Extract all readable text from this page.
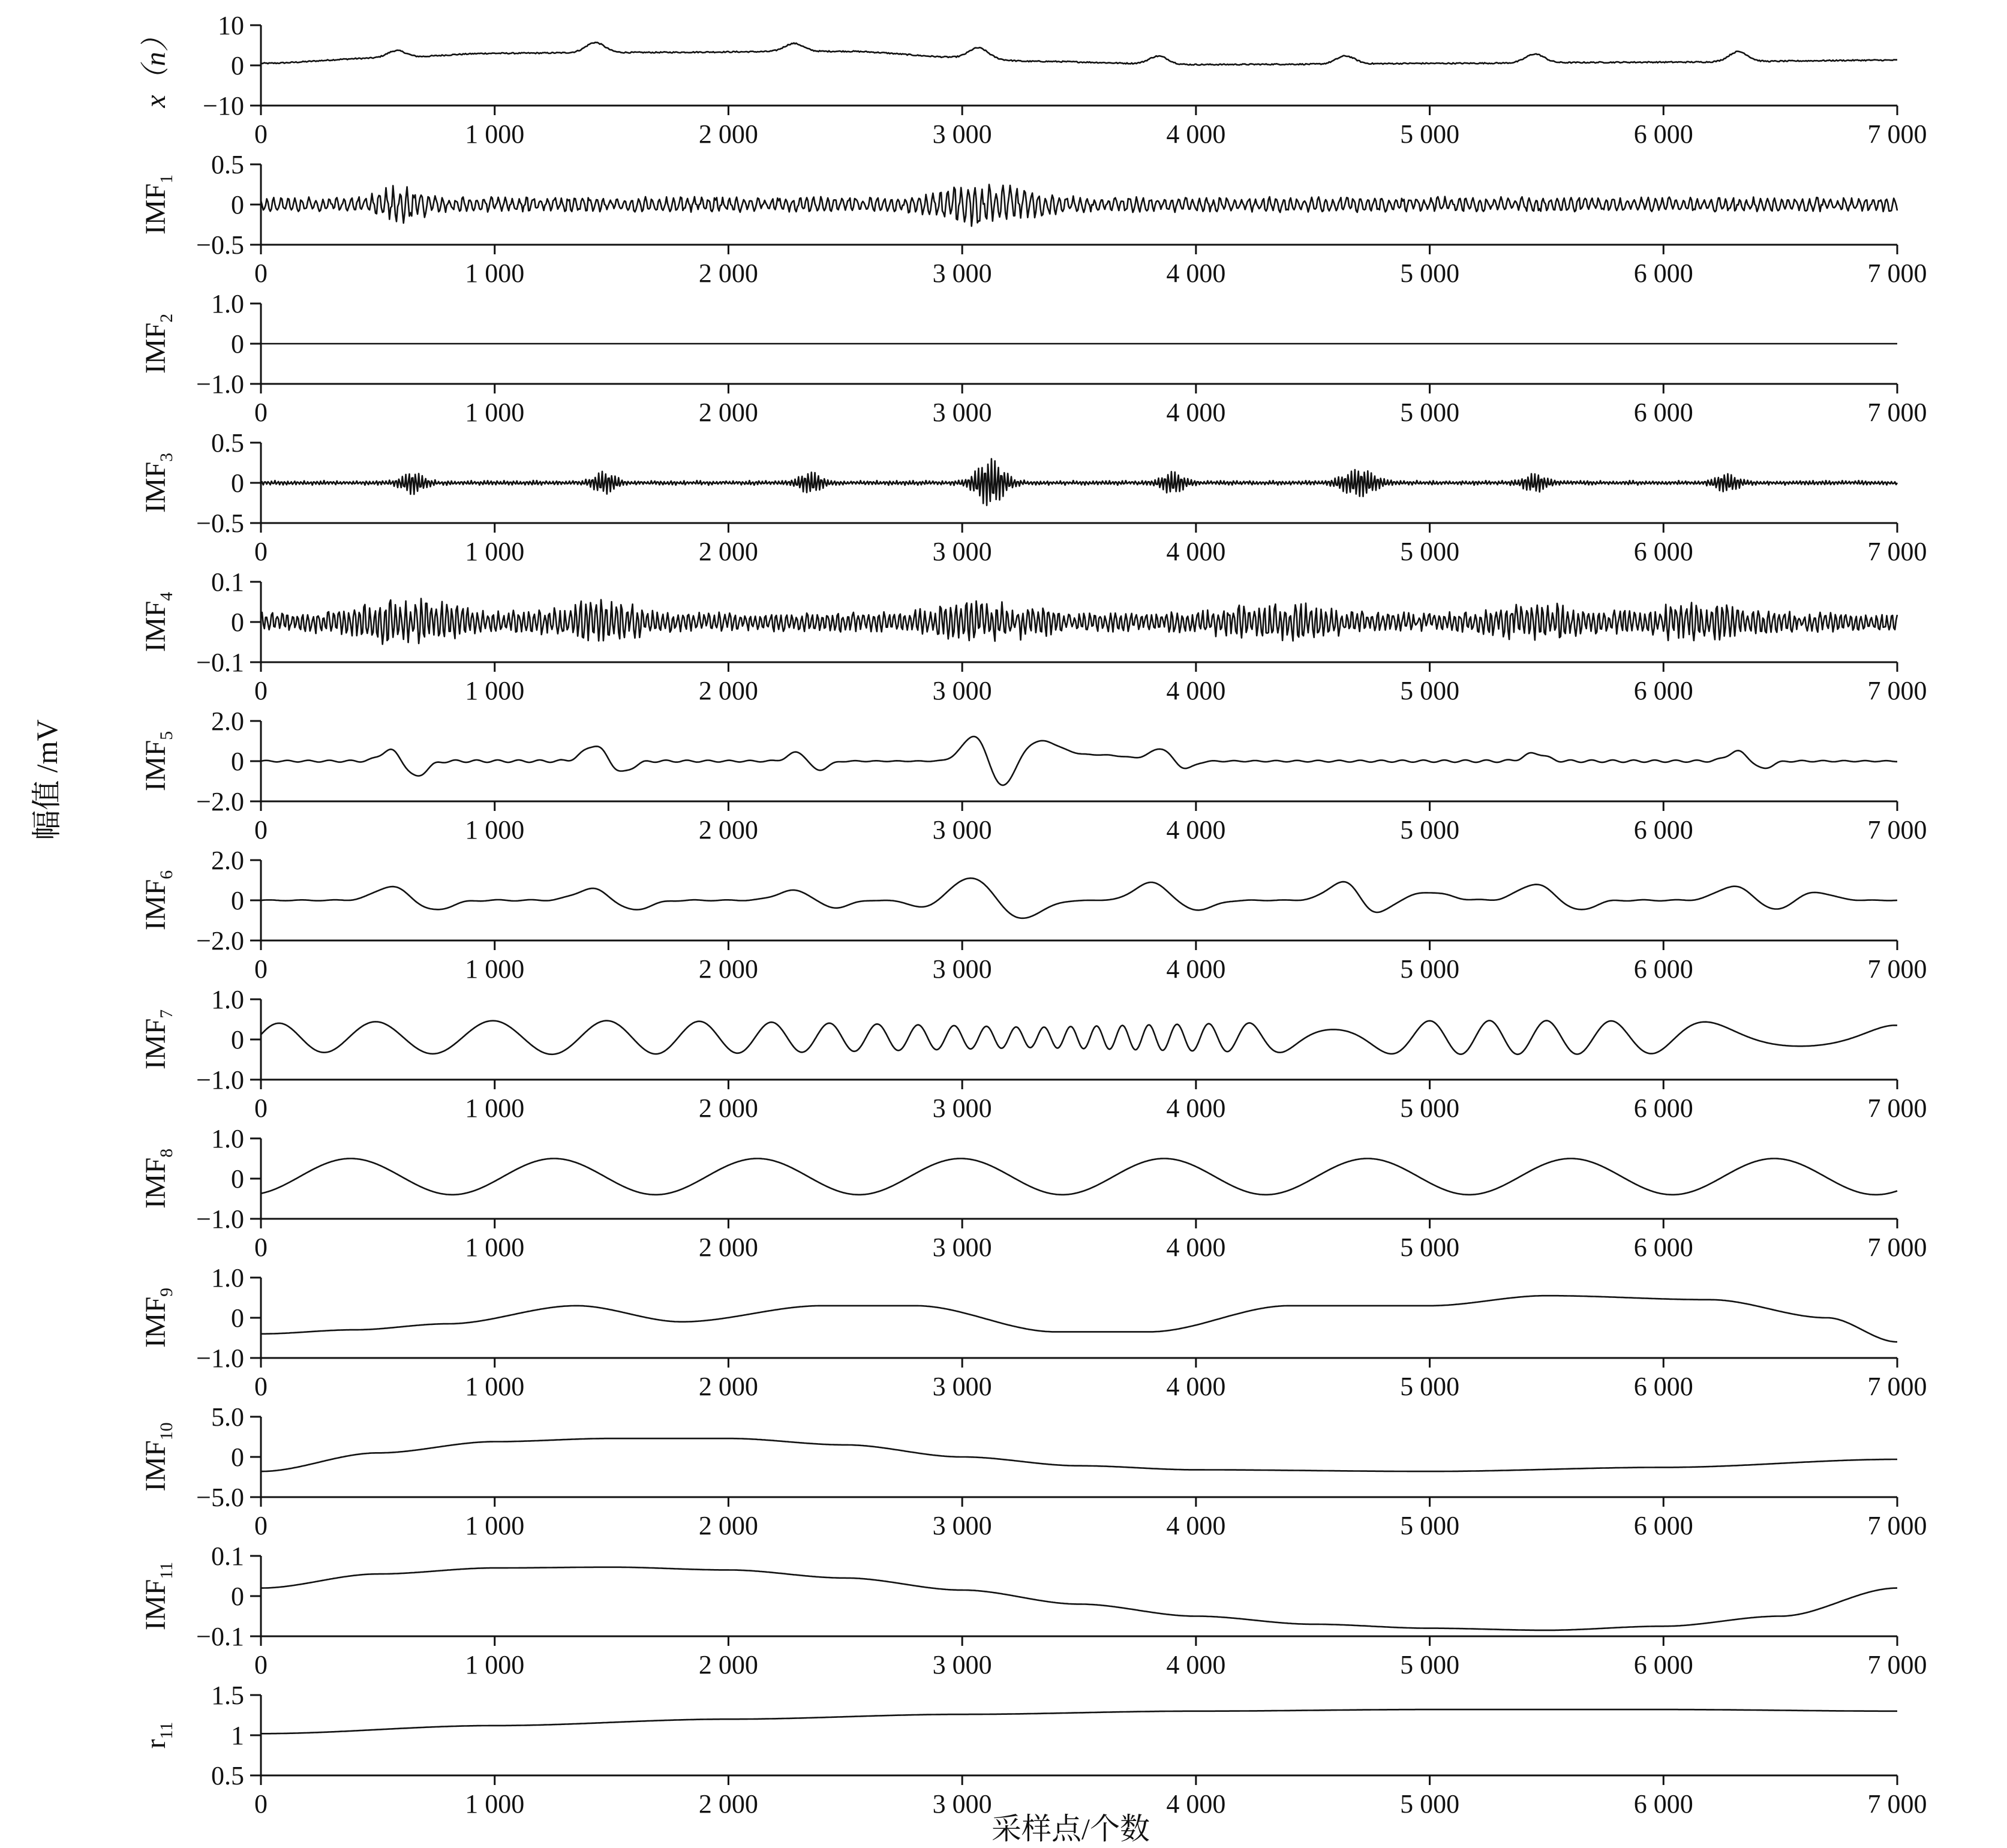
10
0
−10
0	1 000	2 000	3 000	4 000	5 000	6 000	7 000
x（n）
0.5
0
−0.5
0	1 000	2 000	3 000	4 000	5 000	6 000	7 000
$IMF_1$
1.0
0
−1.0
0	1 000	2 000	3 000	4 000	5 000	6 000	7 000
$IMF_2$
0.5
0
−0.5
0	1 000	2 000	3 000	4 000	5 000	6 000	7 000
$IMF_3$
0.1
0
−0.1
0	1 000	2 000	3 000	4 000	5 000	6 000	7 000
$IMF_4$
2.0
0
−2.0
0	1 000	2 000	3 000	4 000	5 000	6 000	7 000
$IMF_5$
2.0
0
−2.0
0	1 000	2 000	3 000	4 000	5 000	6 000	7 000
$IMF_6$
1.0
0
−1.0
0	1 000	2 000	3 000	4 000	5 000	6 000	7 000
$IMF_7$
1.0
0
−1.0
0	1 000	2 000	3 000	4 000	5 000	6 000	7 000
$IMF_8$
1.0
0
−1.0
0	1 000	2 000	3 000	4 000	5 000	6 000	7 000
$IMF_9$
5.0
0
−5.0
0	1 000	2 000	3 000	4 000	5 000	6 000	7 000
$IMF_{10}$
0.1
0
−0.1
0	1 000	2 000	3 000	4 000	5 000	6 000	7 000
$IMF_{11}$
1.5
1
0.5
0	1 000	2 000	3 000	4 000	5 000	6 000	7 000
$r_{11}$
幅值 /mV
采样点/个数
